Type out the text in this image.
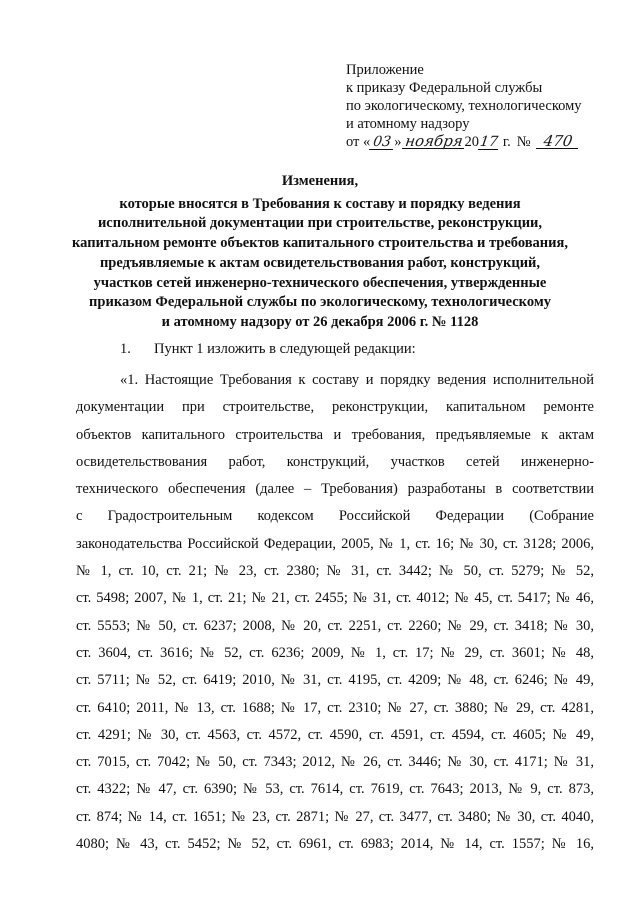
Приложение
к приказу Федеральной службы
по экологическому, технологическому
и атомному надзору
от « 03 » ноября 20 17 г. № 470
Изменения,
которые вносятся в Требования к составу и порядку ведения
исполнительной документации при строительстве, реконструкции,
капитальном ремонте объектов капитального строительства и требования,
предъявляемые к актам освидетельствования работ, конструкций,
участков сетей инженерно-технического обеспечения, утвержденные
приказом Федеральной службы по экологическому, технологическому
и атомному надзору от 26 декабря 2006 г. № 1128
1. Пункт 1 изложить в следующей редакции:
«1. Настоящие Требования к составу и порядку ведения исполнительной
документации при строительстве, реконструкции, капитальном ремонте
объектов капитального строительства и требования, предъявляемые к актам
освидетельствования работ, конструкций, участков сетей инженерно-
технического обеспечения (далее – Требования) разработаны в соответствии
с Градостроительным кодексом Российской Федерации (Собрание
законодательства Российской Федерации, 2005, № 1, ст. 16; № 30, ст. 3128; 2006,
№ 1, ст. 10, ст. 21; № 23, ст. 2380; № 31, ст. 3442; № 50, ст. 5279; № 52,
ст. 5498; 2007, № 1, ст. 21; № 21, ст. 2455; № 31, ст. 4012; № 45, ст. 5417; № 46,
ст. 5553; № 50, ст. 6237; 2008, № 20, ст. 2251, ст. 2260; № 29, ст. 3418; № 30,
ст. 3604, ст. 3616; № 52, ст. 6236; 2009, № 1, ст. 17; № 29, ст. 3601; № 48,
ст. 5711; № 52, ст. 6419; 2010, № 31, ст. 4195, ст. 4209; № 48, ст. 6246; № 49,
ст. 6410; 2011, № 13, ст. 1688; № 17, ст. 2310; № 27, ст. 3880; № 29, ст. 4281,
ст. 4291; № 30, ст. 4563, ст. 4572, ст. 4590, ст. 4591, ст. 4594, ст. 4605; № 49,
ст. 7015, ст. 7042; № 50, ст. 7343; 2012, № 26, ст. 3446; № 30, ст. 4171; № 31,
ст. 4322; № 47, ст. 6390; № 53, ст. 7614, ст. 7619, ст. 7643; 2013, № 9, ст. 873,
ст. 874; № 14, ст. 1651; № 23, ст. 2871; № 27, ст. 3477, ст. 3480; № 30, ст. 4040,
4080; № 43, ст. 5452; № 52, ст. 6961, ст. 6983; 2014, № 14, ст. 1557; № 16,
